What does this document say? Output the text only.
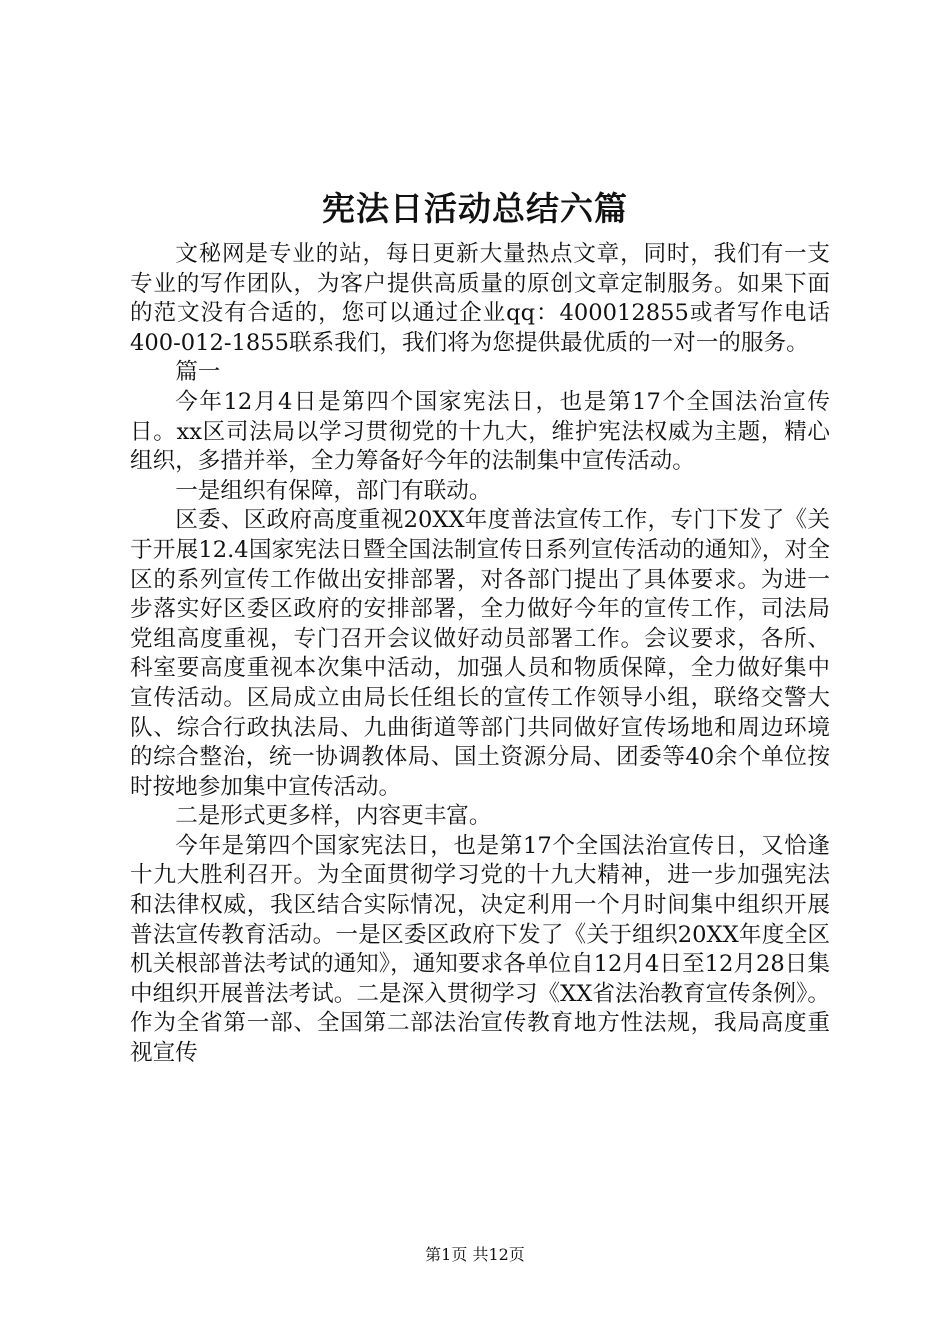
宪法日活动总结六篇

文秘网是专业的站，每日更新大量热点文章，同时，我们有一支专业的写作团队，为客户提供高质量的原创文章定制服务。如果下面的范文没有合适的，您可以通过企业qq：400012855或者写作电话400-012-1855联系我们，我们将为您提供最优质的一对一的服务。

篇一

今年12月4日是第四个国家宪法日，也是第17个全国法治宣传日。xx区司法局以学习贯彻党的十九大，维护宪法权威为主题，精心组织，多措并举，全力筹备好今年的法制集中宣传活动。

一是组织有保障，部门有联动。

区委、区政府高度重视20XX年度普法宣传工作，专门下发了《关于开展12.4国家宪法日暨全国法制宣传日系列宣传活动的通知》，对全区的系列宣传工作做出安排部署，对各部门提出了具体要求。为进一步落实好区委区政府的安排部署，全力做好今年的宣传工作，司法局党组高度重视，专门召开会议做好动员部署工作。会议要求，各所、科室要高度重视本次集中活动，加强人员和物质保障，全力做好集中宣传活动。区局成立由局长任组长的宣传工作领导小组，联络交警大队、综合行政执法局、九曲街道等部门共同做好宣传场地和周边环境的综合整治，统一协调教体局、国土资源分局、团委等40余个单位按时按地参加集中宣传活动。

二是形式更多样，内容更丰富。

今年是第四个国家宪法日，也是第17个全国法治宣传日，又恰逢十九大胜利召开。为全面贯彻学习党的十九大精神，进一步加强宪法和法律权威，我区结合实际情况，决定利用一个月时间集中组织开展普法宣传教育活动。一是区委区政府下发了《关于组织20XX年度全区机关根部普法考试的通知》，通知要求各单位自12月4日至12月28日集中组织开展普法考试。二是深入贯彻学习《XX省法治教育宣传条例》。作为全省第一部、全国第二部法治宣传教育地方性法规，我局高度重视宣传

第1页 共12页
